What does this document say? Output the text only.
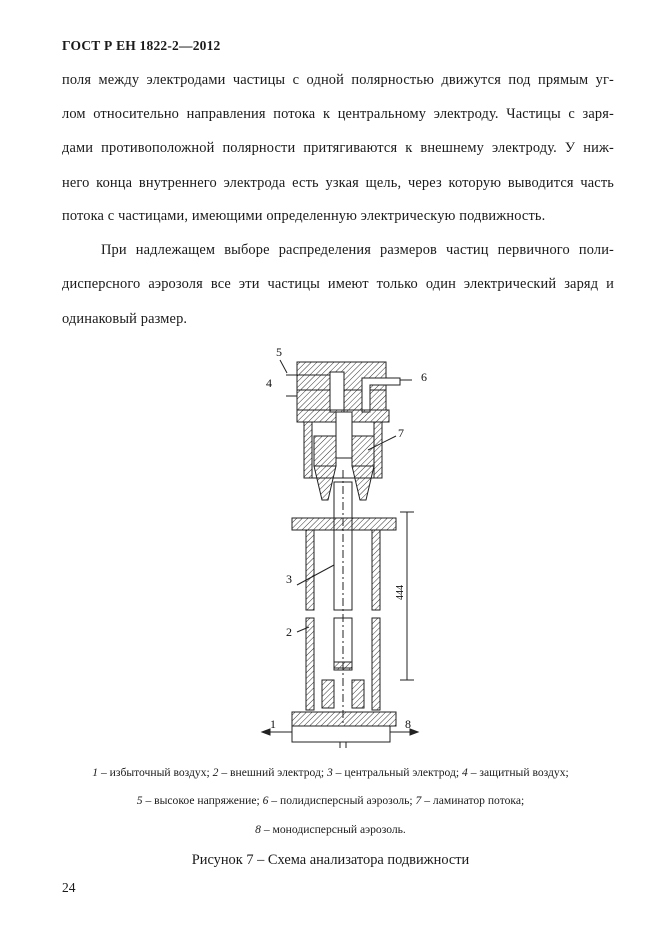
ГОСТ Р ЕН 1822-2—2012
поля между электродами частицы с одной полярностью движутся под прямым уг-
лом относительно направления потока к центральному электроду. Частицы с заря-
дами противоположной полярности притягиваются к внешнему электроду. У ниж-
него конца внутреннего электрода есть узкая щель, через которую выводится часть
потока с частицами, имеющими определенную электрическую подвижность.
При надлежащем выборе распределения размеров частиц первичного поли-
дисперсного аэрозоля все эти частицы имеют только один электрический заряд и
одинаковый размер.
5
4	6
7
3
2
1	8
444
1 – избыточный воздух; 2 – внешний электрод; 3 – центральный электрод; 4 – защитный воздух;
5 – высокое напряжение; 6 – полидисперсный аэрозоль; 7 – ламинатор потока;
8 – монодисперсный аэрозоль.
Рисунок 7 – Схема анализатора подвижности
24
